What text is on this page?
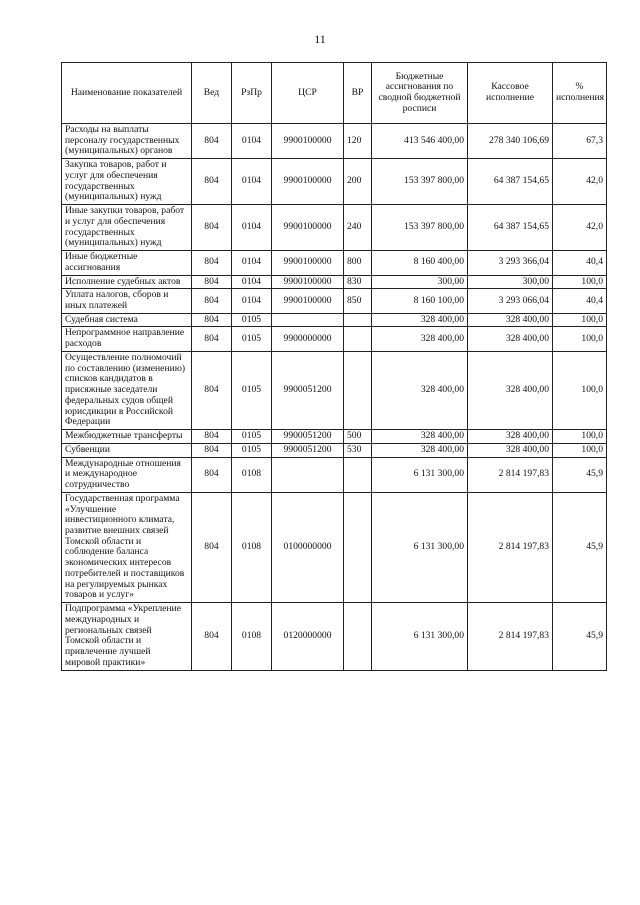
11
Наименование показателей	Вед	РзПр	ЦСР	ВР	Бюджетные ассигнования по сводной бюджетной росписи	Кассовое исполнение	% исполнения
Расходы на выплаты персоналу государственных (муниципальных) органов	804	0104	9900100000	120	413 546 400,00	278 340 106,69	67,3
Закупка товаров, работ и услуг для обеспечения государственных (муниципальных) нужд	804	0104	9900100000	200	153 397 800,00	64 387 154,65	42,0
Иные закупки товаров, работ и услуг для обеспечения государственных (муниципальных) нужд	804	0104	9900100000	240	153 397 800,00	64 387 154,65	42,0
Иные бюджетные ассигнования	804	0104	9900100000	800	8 160 400,00	3 293 366,04	40,4
Исполнение судебных актов	804	0104	9900100000	830	300,00	300,00	100,0
Уплата налогов, сборов и иных платежей	804	0104	9900100000	850	8 160 100,00	3 293 066,04	40,4
Судебная система	804	0105			328 400,00	328 400,00	100,0
Непрограммное направление расходов	804	0105	9900000000		328 400,00	328 400,00	100,0
Осуществление полномочий по составлению (изменению) списков кандидатов в присяжные заседатели федеральных судов общей юрисдикции в Российской Федерации	804	0105	9900051200		328 400,00	328 400,00	100,0
Межбюджетные трансферты	804	0105	9900051200	500	328 400,00	328 400,00	100,0
Субвенции	804	0105	9900051200	530	328 400,00	328 400,00	100,0
Международные отношения и международное сотрудничество	804	0108			6 131 300,00	2 814 197,83	45,9
Государственная программа «Улучшение инвестиционного климата, развитие внешних связей Томской области и соблюдение баланса экономических интересов потребителей и поставщиков на регулируемых рынках товаров и услуг»	804	0108	0100000000		6 131 300,00	2 814 197,83	45,9
Подпрограмма «Укрепление международных и региональных связей Томской области и привлечение лучшей мировой практики»	804	0108	0120000000		6 131 300,00	2 814 197,83	45,9
